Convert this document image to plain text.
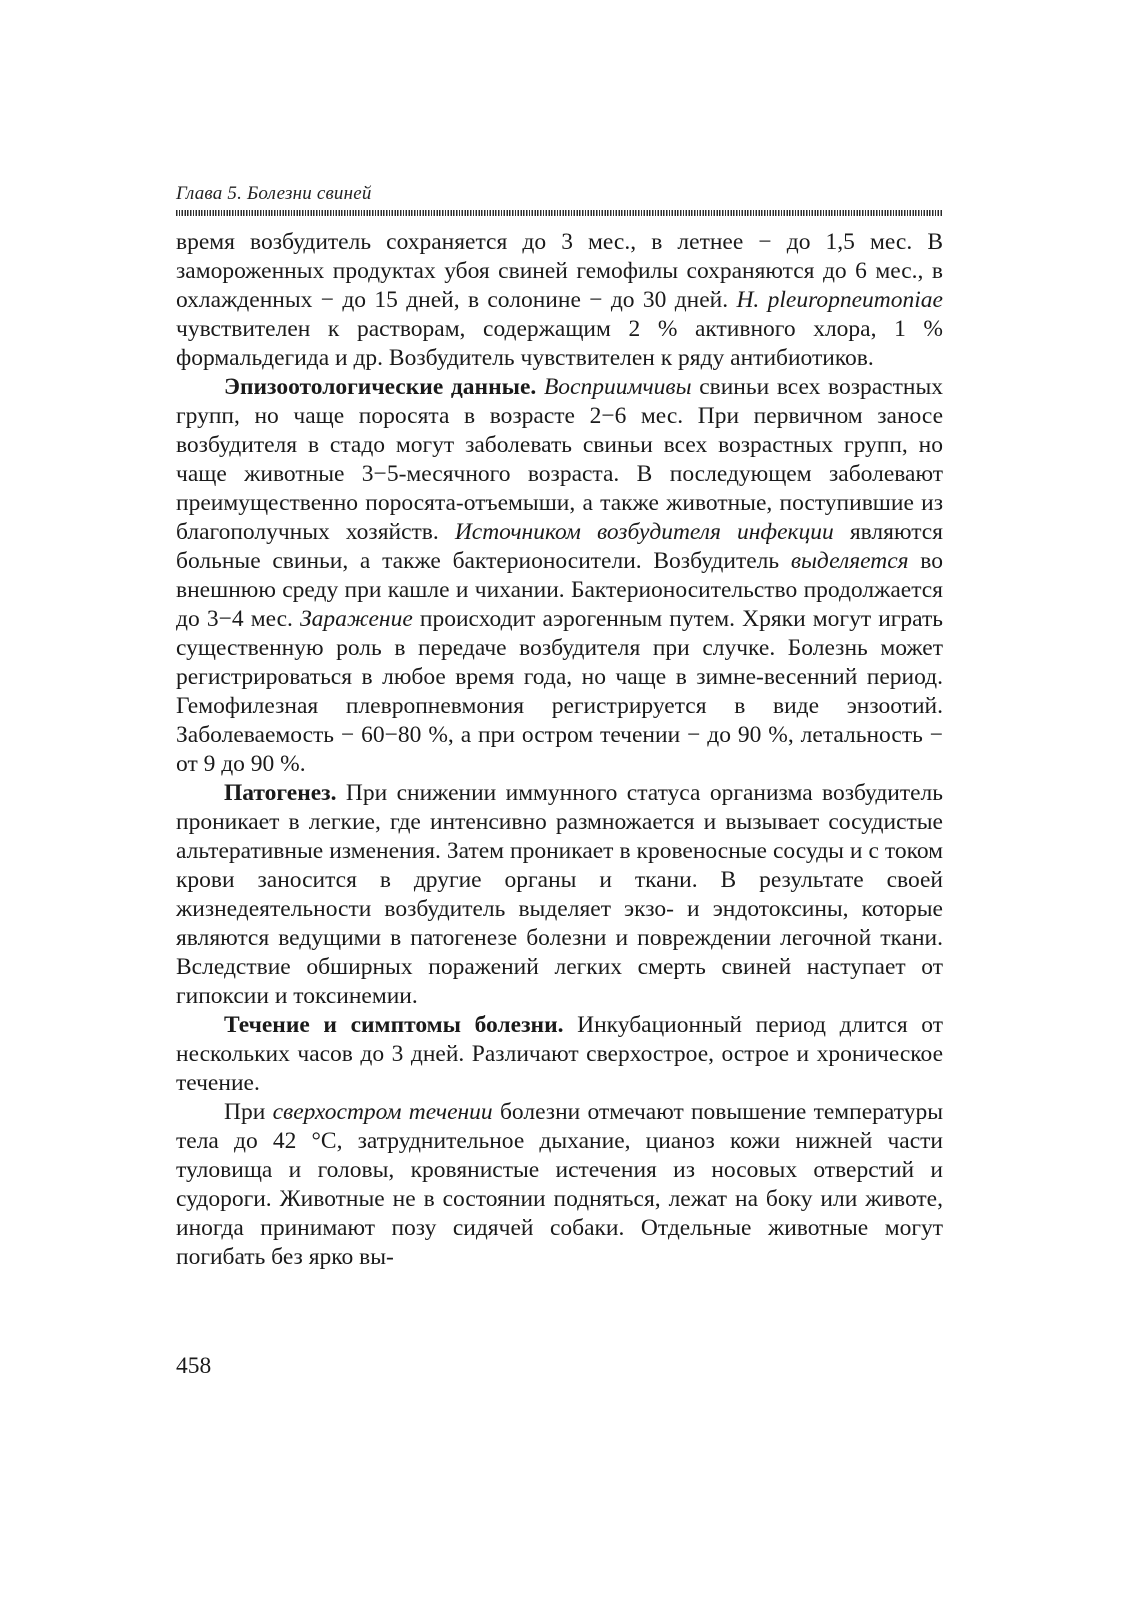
Глава 5. Болезни свиней

время возбудитель сохраняется до 3 мес., в летнее − до 1,5 мес. В замороженных продуктах убоя свиней гемофилы сохраняются до 6 мес., в охлажденных − до 15 дней, в солонине − до 30 дней. H. pleuropneumoniae чувствителен к растворам, содержащим 2 % активного хлора, 1 % формальдегида и др. Возбудитель чувствителен к ряду антибиотиков.

Эпизоотологические данные. Восприимчивы свиньи всех возрастных групп, но чаще поросята в возрасте 2−6 мес. При первичном заносе возбудителя в стадо могут заболевать свиньи всех возрастных групп, но чаще животные 3−5-месячного возраста. В последующем заболевают преимущественно поросята-отъемыши, а также животные, поступившие из благополучных хозяйств. Источником возбудителя инфекции являются больные свиньи, а также бактерионосители. Возбудитель выделяется во внешнюю среду при кашле и чихании. Бактерионосительство продолжается до 3−4 мес. Заражение происходит аэрогенным путем. Хряки могут играть существенную роль в передаче возбудителя при случке. Болезнь может регистрироваться в любое время года, но чаще в зимне-весенний период. Гемофилезная плевропневмония регистрируется в виде энзоотий. Заболеваемость − 60−80 %, а при остром течении − до 90 %, летальность − от 9 до 90 %.

Патогенез. При снижении иммунного статуса организма возбудитель проникает в легкие, где интенсивно размножается и вызывает сосудистые альтеративные изменения. Затем проникает в кровеносные сосуды и с током крови заносится в другие органы и ткани. В результате своей жизнедеятельности возбудитель выделяет экзо- и эндотоксины, которые являются ведущими в патогенезе болезни и повреждении легочной ткани. Вследствие обширных поражений легких смерть свиней наступает от гипоксии и токсинемии.

Течение и симптомы болезни. Инкубационный период длится от нескольких часов до 3 дней. Различают сверхострое, острое и хроническое течение.

При сверхостром течении болезни отмечают повышение температуры тела до 42 °С, затруднительное дыхание, цианоз кожи нижней части туловища и головы, кровянистые истечения из носовых отверстий и судороги. Животные не в состоянии подняться, лежат на боку или животе, иногда принимают позу сидячей собаки. Отдельные животные могут погибать без ярко вы-

458
